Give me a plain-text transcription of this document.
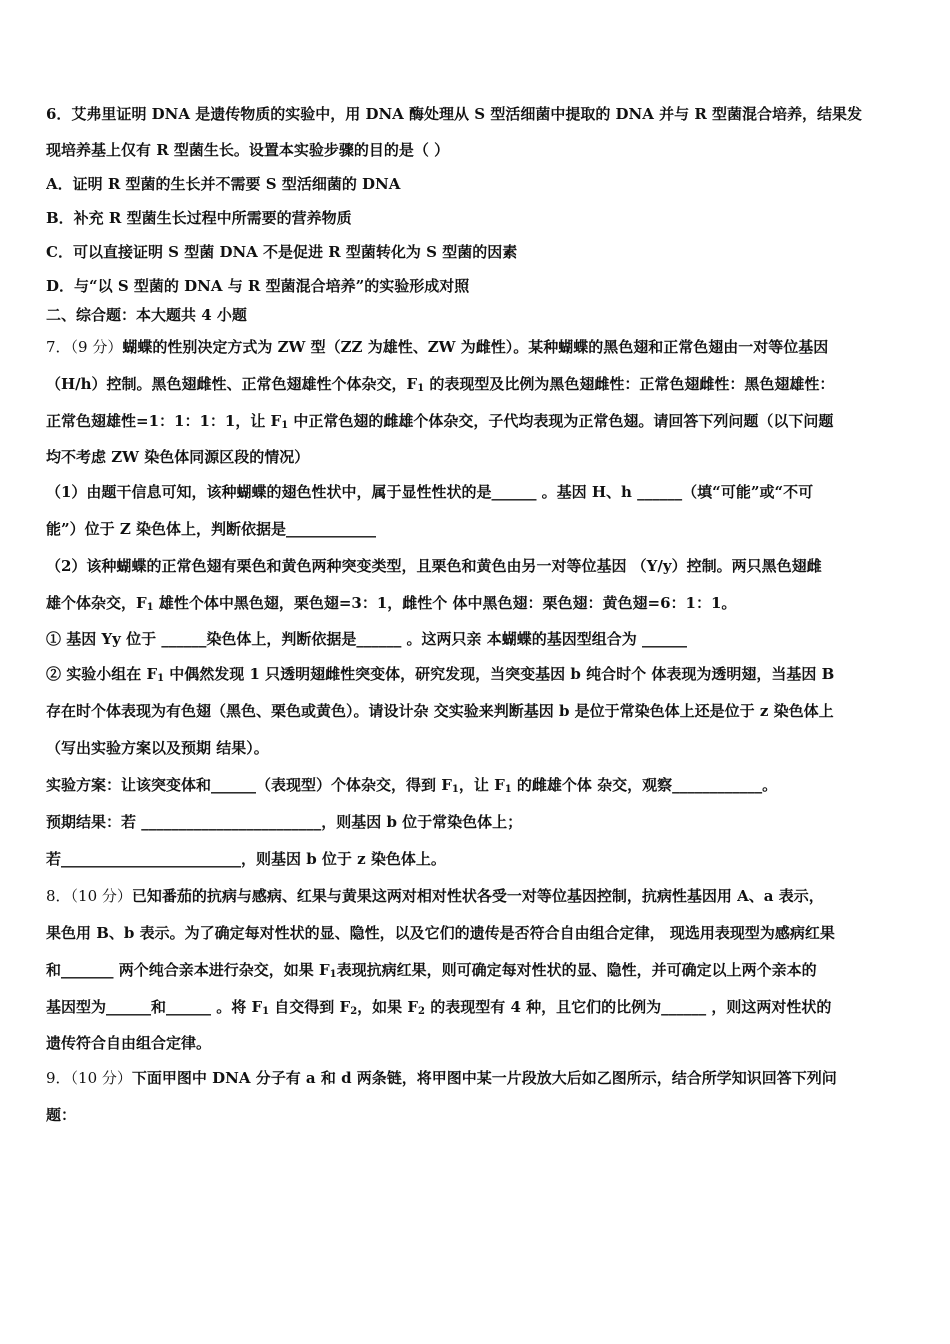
6．艾弗里证明 DNA 是遗传物质的实验中，用 DNA 酶处理从 S 型活细菌中提取的 DNA 并与 R 型菌混合培养，结果发
现培养基上仅有 R 型菌生长。设置本实验步骤的目的是（ ）
A．证明 R 型菌的生长并不需要 S 型活细菌的 DNA
B．补充 R 型菌生长过程中所需要的营养物质
C．可以直接证明 S 型菌 DNA 不是促进 R 型菌转化为 S 型菌的因素
D．与“以 S 型菌的 DNA 与 R 型菌混合培养”的实验形成对照
二、综合题：本大题共 4 小题
7．（9 分）蝴蝶的性别决定方式为 ZW 型（ZZ 为雄性、ZW 为雌性）。某种蝴蝶的黑色翅和正常色翅由一对等位基因
（H/h）控制。黑色翅雌性、正常色翅雄性个体杂交，$F_1$ 的表现型及比例为黑色翅雌性：正常色翅雌性：黑色翅雄性：
正常色翅雄性=1：1：1：1，让 $F_1$ 中正常色翅的雌雄个体杂交，子代均表现为正常色翅。请回答下列问题（以下问题
均不考虑 ZW 染色体同源区段的情况）
（1）由题干信息可知，该种蝴蝶的翅色性状中，属于显性性状的是______ 。基因 H、h ______（填“可能”或“不可
能”）位于 Z 染色体上，判断依据是____________
（2）该种蝴蝶的正常色翅有栗色和黄色两种突变类型，且栗色和黄色由另一对等位基因 （Y/y）控制。两只黑色翅雌
雄个体杂交，$F_1$ 雄性个体中黑色翅，栗色翅=3：1，雌性个 体中黑色翅：栗色翅：黄色翅=6：1：1。
① 基因 Yy 位于 ______染色体上，判断依据是______ 。这两只亲 本蝴蝶的基因型组合为 ______
② 实验小组在 $F_1$ 中偶然发现 1 只透明翅雌性突变体，研究发现，当突变基因 b 纯合时个 体表现为透明翅，当基因 B
存在时个体表现为有色翅（黑色、栗色或黄色）。请设计杂 交实验来判断基因 b 是位于常染色体上还是位于 z 染色体上
（写出实验方案以及预期 结果）。
实验方案：让该突变体和______（表现型）个体杂交，得到 $F_1$，让 $F_1$ 的雌雄个体 杂交，观察____________。
预期结果：若 ________________________，则基因 b 位于常染色体上；
若________________________，则基因 b 位于 z 染色体上。
8．（10 分）已知番茄的抗病与感病、红果与黄果这两对相对性状各受一对等位基因控制，抗病性基因用 A、a 表示，
果色用 B、b 表示。为了确定每对性状的显、隐性，以及它们的遗传是否符合自由组合定律， 现选用表现型为感病红果
和_______ 两个纯合亲本进行杂交，如果 $F_1$表现抗病红果，则可确定每对性状的显、隐性，并可确定以上两个亲本的
基因型为______和______ 。将 $F_1$ 自交得到 $F_2$，如果 $F_2$ 的表现型有 4 种，且它们的比例为______ ，则这两对性状的
遗传符合自由组合定律。
9．（10 分）下面甲图中 DNA 分子有 a 和 d 两条链，将甲图中某一片段放大后如乙图所示，结合所学知识回答下列问
题：
